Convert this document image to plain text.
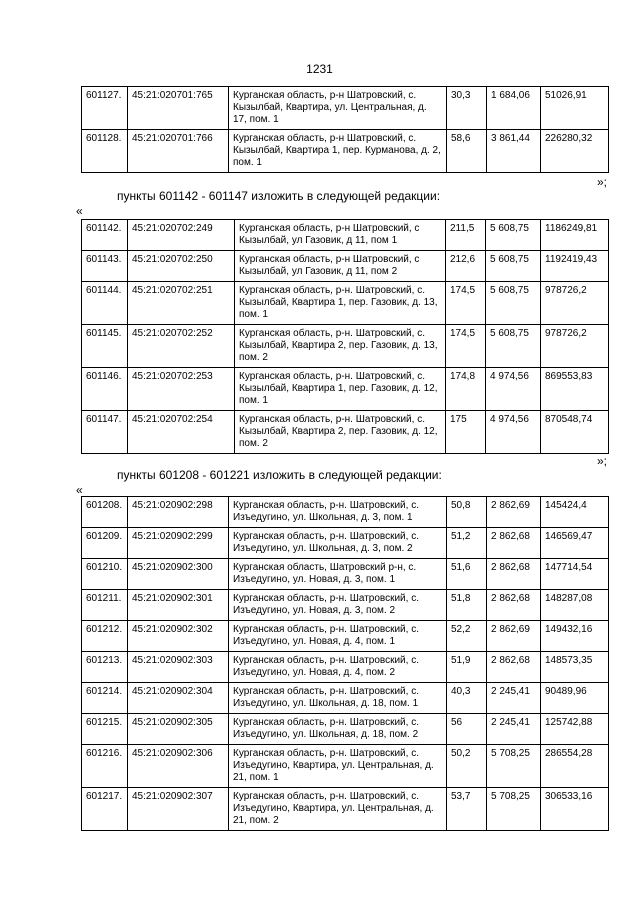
1231
601127.	45:21:020701:765	Курганская область, р-н Шатровский, с. Кызылбай, Квартира, ул. Центральная, д. 17, пом. 1	30,3	1 684,06	51026,91
601128.	45:21:020701:766	Курганская область, р-н Шатровский, с. Кызылбай, Квартира 1, пер. Курманова, д. 2, пом. 1	58,6	3 861,44	226280,32
»;
пункты 601142 - 601147 изложить в следующей редакции:
«
601142.	45:21:020702:249	Курганская область, р-н Шатровский, с Кызылбай, ул Газовик, д 11, пом 1	211,5	5 608,75	1186249,81
601143.	45:21:020702:250	Курганская область, р-н Шатровский, с Кызылбай, ул Газовик, д 11, пом 2	212,6	5 608,75	1192419,43
601144.	45:21:020702:251	Курганская область, р-н. Шатровский, с. Кызылбай, Квартира 1, пер. Газовик, д. 13, пом. 1	174,5	5 608,75	978726,2
601145.	45:21:020702:252	Курганская область, р-н. Шатровский, с. Кызылбай, Квартира 2, пер. Газовик, д. 13, пом. 2	174,5	5 608,75	978726,2
601146.	45:21:020702:253	Курганская область, р-н. Шатровский, с. Кызылбай, Квартира 1, пер. Газовик, д. 12, пом. 1	174,8	4 974,56	869553,83
601147.	45:21:020702:254	Курганская область, р-н. Шатровский, с. Кызылбай, Квартира 2, пер. Газовик, д. 12, пом. 2	175	4 974,56	870548,74
»;
пункты 601208 - 601221 изложить в следующей редакции:
«
601208.	45:21:020902:298	Курганская область, р-н. Шатровский, с. Изъедугино, ул. Школьная, д. 3, пом. 1	50,8	2 862,69	145424,4
601209.	45:21:020902:299	Курганская область, р-н. Шатровский, с. Изъедугино, ул. Школьная, д. 3, пом. 2	51,2	2 862,68	146569,47
601210.	45:21:020902:300	Курганская область, Шатровский р-н, с. Изъедугино, ул. Новая, д. 3, пом. 1	51,6	2 862,68	147714,54
601211.	45:21:020902:301	Курганская область, р-н. Шатровский, с. Изъедугино, ул. Новая, д. 3, пом. 2	51,8	2 862,68	148287,08
601212.	45:21:020902:302	Курганская область, р-н. Шатровский, с. Изъедугино, ул. Новая, д. 4, пом. 1	52,2	2 862,69	149432,16
601213.	45:21:020902:303	Курганская область, р-н. Шатровский, с. Изъедугино, ул. Новая, д. 4, пом. 2	51,9	2 862,68	148573,35
601214.	45:21:020902:304	Курганская область, р-н. Шатровский, с. Изъедугино, ул. Школьная, д. 18, пом. 1	40,3	2 245,41	90489,96
601215.	45:21:020902:305	Курганская область, р-н. Шатровский, с. Изъедугино, ул. Школьная, д. 18, пом. 2	56	2 245,41	125742,88
601216.	45:21:020902:306	Курганская область, р-н. Шатровский, с. Изъедугино, Квартира, ул. Центральная, д. 21, пом. 1	50,2	5 708,25	286554,28
601217.	45:21:020902:307	Курганская область, р-н. Шатровский, с. Изъедугино, Квартира, ул. Центральная, д. 21, пом. 2	53,7	5 708,25	306533,16
